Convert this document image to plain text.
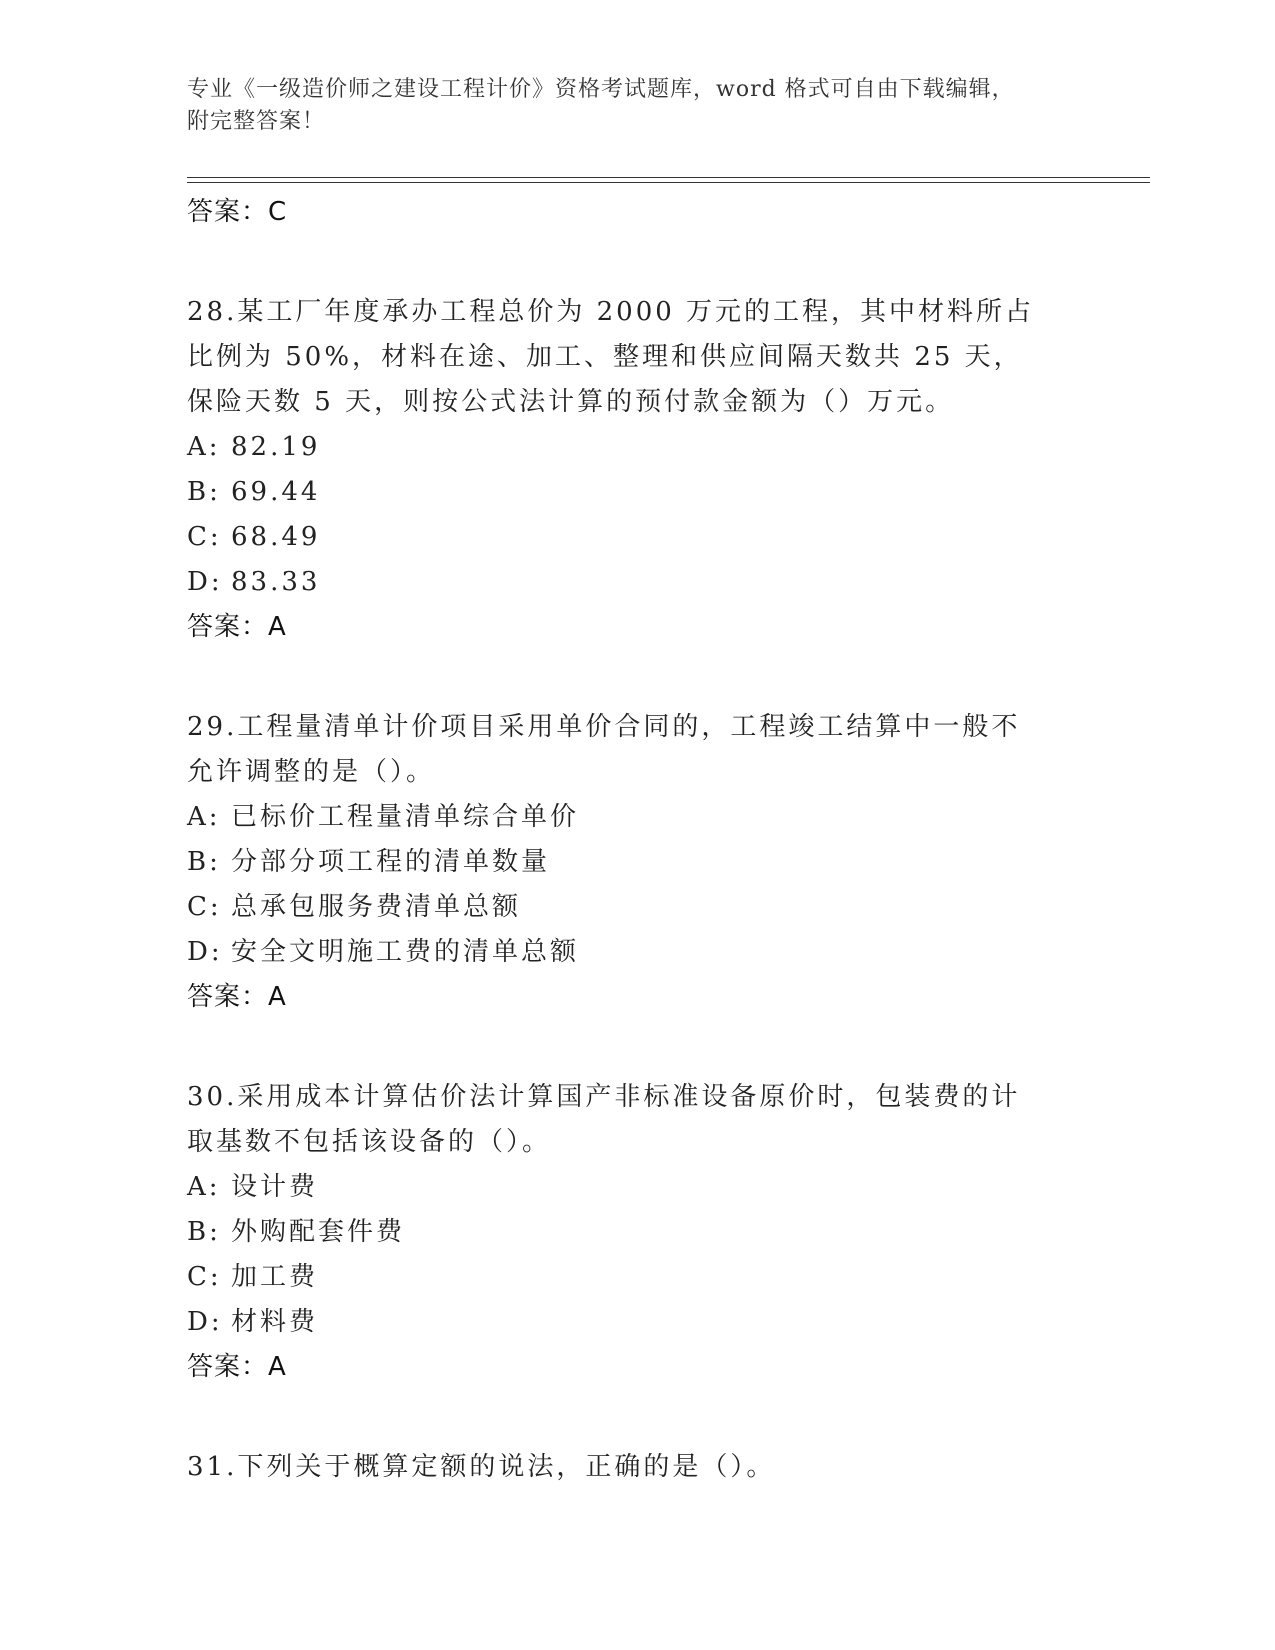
专业《一级造价师之建设工程计价》资格考试题库，word 格式可自由下载编辑，
附完整答案！
答案：C
28.某工厂年度承办工程总价为 2000 万元的工程，其中材料所占比例为 50%，材料在途、加工、整理和供应间隔天数共 25 天，保险天数 5 天，则按公式法计算的预付款金额为（）万元。
A: 82.19
B: 69.44
C: 68.49
D: 83.33
答案：A
29.工程量清单计价项目采用单价合同的，工程竣工结算中一般不允许调整的是（）。
A: 已标价工程量清单综合单价
B: 分部分项工程的清单数量
C: 总承包服务费清单总额
D: 安全文明施工费的清单总额
答案：A
30.采用成本计算估价法计算国产非标准设备原价时，包装费的计取基数不包括该设备的（）。
A: 设计费
B: 外购配套件费
C: 加工费
D: 材料费
答案：A
31.下列关于概算定额的说法，正确的是（）。
